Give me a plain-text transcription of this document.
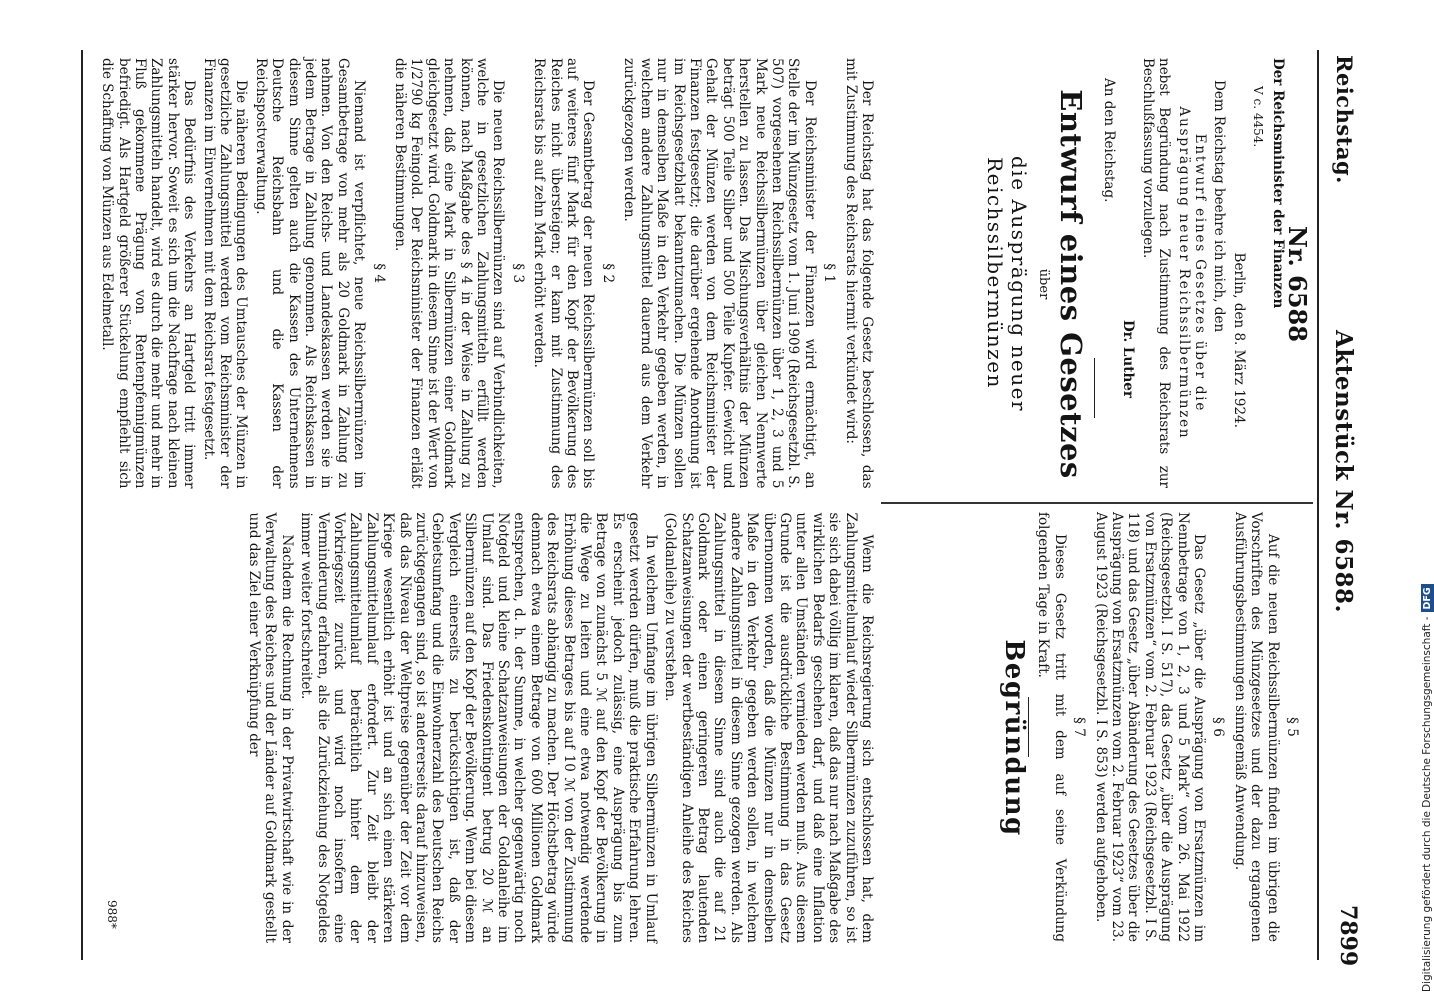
Reichstag.
Aktenstück Nr. 6588.
7899

Nr. 6588

Der Reichsminister der Finanzen

V c. 4454.

Berlin, den 8. März 1924.

Dem Reichstag beehre ich mich, den

Entwurf eines Gesetzes über die Ausprägung neuer Reichssilbermünzen

nebst Begründung nach Zustimmung des Reichsrats zur Beschlußfassung vorzulegen.

Dr. Luther

An den Reichstag.

Entwurf eines Gesetzes

über

die Ausprägung neuer Reichssilbermünzen

§ 5

Auf die neuen Reichssilbermünzen finden im übrigen die Vorschriften des Münzgesetzes und der dazu ergangenen Ausführungsbestimmungen sinngemäß Anwendung.

§ 6

Das Gesetz „über die Ausprägung von Ersatzmünzen im Nennbetrage von 1, 2, 3 und 5 Mark“ vom 26. Mai 1922 (Reichsgesetzbl. I S. 517), das Gesetz „über die Ausprägung von Ersatzmünzen“ vom 2. Februar 1923 (Reichsgesetzbl. I S. 118) und das Gesetz „über Abänderung des Gesetzes über die Ausprägung von Ersatzmünzen vom 2. Februar 1923“ vom 23. August 1923 (Reichsgesetzbl. I S. 853) werden aufgehoben.

§ 7

Dieses Gesetz tritt mit dem auf seine Verkündung folgenden Tage in Kraft.

Begründung

Der Reichstag hat das folgende Gesetz beschlossen, das mit Zustimmung des Reichsrats hiermit verkündet wird:

§ 1

Der Reichsminister der Finanzen wird ermächtigt, an Stelle der im Münzgesetz vom 1. Juni 1909 (Reichsgesetzbl. S. 507) vorgesehenen Reichssilbermünzen über 1, 2, 3 und 5 Mark neue Reichssilbermünzen über gleichen Nennwerte herstellen zu lassen. Das Mischungsverhältnis der Münzen beträgt 500 Teile Silber und 500 Teile Kupfer. Gewicht und Gehalt der Münzen werden von dem Reichsminister der Finanzen festgesetzt; die darüber ergehende Anordnung ist im Reichsgesetzblatt bekanntzumachen. Die Münzen sollen nur in demselben Maße in den Verkehr gegeben werden, in welchem andere Zahlungsmittel dauernd aus dem Verkehr zurückgezogen werden.

§ 2

Der Gesamtbetrag der neuen Reichssilbermünzen soll bis auf weiteres fünf Mark für den Kopf der Bevölkerung des Reiches nicht übersteigen; er kann mit Zustimmung des Reichsrats bis auf zehn Mark erhöht werden.

§ 3

Die neuen Reichssilbermünzen sind auf Verbindlichkeiten, welche in gesetzlichen Zahlungsmitteln erfüllt werden können, nach Maßgabe des § 4 in der Weise in Zahlung zu nehmen, daß eine Mark in Silbermünzen einer Goldmark gleichgesetzt wird. Goldmark in diesem Sinne ist der Wert von 1/2790 kg Feingold. Der Reichsminister der Finanzen erläßt die näheren Bestimmungen.

§ 4

Niemand ist verpflichtet, neue Reichssilbermünzen im Gesamtbetrage von mehr als 20 Goldmark in Zahlung zu nehmen. Von den Reichs- und Landeskassen werden sie in jedem Betrage in Zahlung genommen. Als Reichskassen in diesem Sinne gelten auch die Kassen des Unternehmens Deutsche Reichsbahn und die Kassen der Reichspostverwaltung.

Die näheren Bedingungen des Umtausches der Münzen in gesetzliche Zahlungsmittel werden vom Reichsminister der Finanzen im Einvernehmen mit dem Reichsrat festgesetzt.

Das Bedürfnis des Verkehrs an Hartgeld tritt immer stärker hervor. Soweit es sich um die Nachfrage nach kleinen Zahlungsmitteln handelt, wird es durch die mehr und mehr in Fluß gekommene Prägung von Rentenpfennigmünzen befriedigt. Als Hartgeld größerer Stückelung empfiehlt sich die Schaffung von Münzen aus Edelmetall.

Wenn die Reichsregierung sich entschlossen hat, dem Zahlungsmittelumlauf wieder Silbermünzen zuzuführen, so ist sie sich dabei völlig im klaren, daß das nur nach Maßgabe des wirklichen Bedarfs geschehen darf, und daß eine Inflation unter allen Umständen vermieden werden muß. Aus diesem Grunde ist die ausdrückliche Bestimmung in das Gesetz übernommen worden, daß die Münzen nur in demselben Maße in den Verkehr gegeben werden sollen, in welchem andere Zahlungsmittel in diesem Sinne gezogen werden. Als Zahlungsmittel in diesem Sinne sind auch die auf 21 Goldmark oder einen geringeren Betrag lautenden Schatzanweisungen der wertbeständigen Anleihe des Reiches (Goldanleihe) zu verstehen.

In welchem Umfange im übrigen Silbermünzen in Umlauf gesetzt werden dürfen, muß die praktische Erfahrung lehren. Es erscheint jedoch zulässig, eine Ausprägung bis zum Betrage von zunächst 5 ℳ auf den Kopf der Bevölkerung in die Wege zu leiten und eine etwa notwendig werdende Erhöhung dieses Betrages bis auf 10 ℳ von der Zustimmung des Reichsrats abhängig zu machen. Der Höchstbetrag würde demnach etwa einem Betrage von 600 Millionen Goldmark entsprechen, d. h. der Summe, in welcher gegenwärtig noch Notgeld und kleine Schatzanweisungen der Goldanleihe im Umlauf sind. Das Friedenskontingent betrug 20 ℳ an Silbermünzen auf den Kopf der Bevölkerung. Wenn bei diesem Vergleich einerseits zu berücksichtigen ist, daß der Gebietsumfang und die Einwohnerzahl des Deutschen Reichs zurückgegangen sind, so ist andererseits darauf hinzuweisen, daß das Niveau der Weltpreise gegenüber der Zeit vor dem Kriege wesentlich erhöht ist und an sich einen stärkeren Zahlungsmittelumlauf erfordert. Zur Zeit bleibt der Zahlungsmittelumlauf beträchtlich hinter dem der Vorkriegszeit zurück und wird noch insofern eine Verminderung erfahren, als die Zurückziehung des Notgeldes immer weiter fortschreitet.

Nachdem die Rechnung in der Privatwirtschaft wie in der Verwaltung des Reiches und der Länder auf Goldmark gestellt und das Ziel einer Verknüpfung der

988*	Digitalisierung gefördert durch die Deutsche Forschungsgemeinschaft -DFG
